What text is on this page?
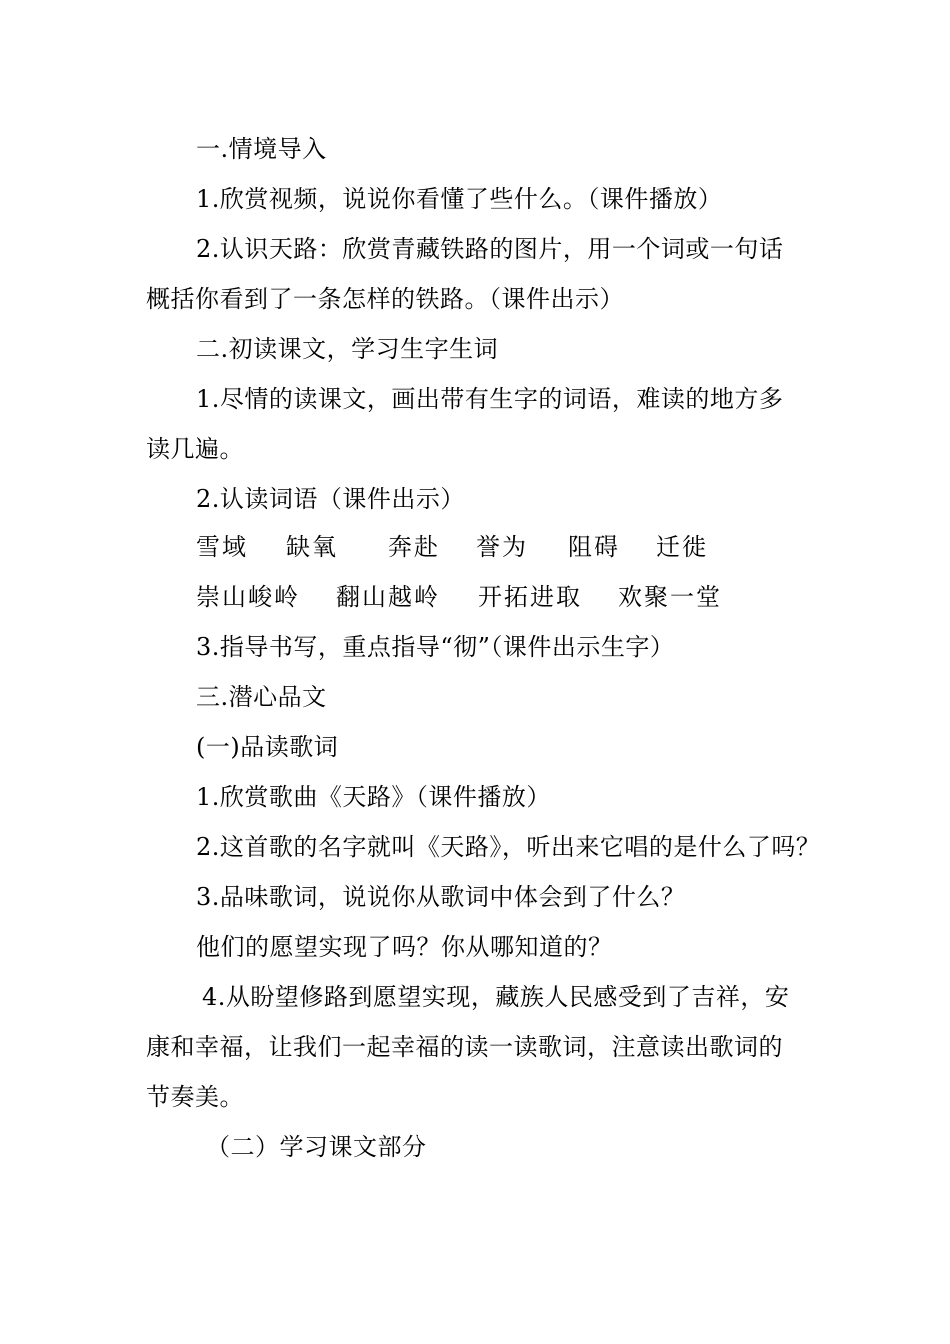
一.情境导入
1.欣赏视频，说说你看懂了些什么。（课件播放）
2.认识天路：欣赏青藏铁路的图片，用一个词或一句话
概括你看到了一条怎样的铁路。（课件出示）
二.初读课文，学习生字生词
1.尽情的读课文，画出带有生字的词语，难读的地方多
读几遍。
2.认读词语（课件出示）
雪域 缺氧 奔赴 誉为 阻碍 迁徙
崇山峻岭 翻山越岭 开拓进取 欢聚一堂
3.指导书写，重点指导“彻”（课件出示生字）
三.潜心品文
(一)品读歌词
1.欣赏歌曲《天路》（课件播放）
2.这首歌的名字就叫《天路》，听出来它唱的是什么了吗？
3.品味歌词，说说你从歌词中体会到了什么？
他们的愿望实现了吗？你从哪知道的？
4.从盼望修路到愿望实现，藏族人民感受到了吉祥，安
康和幸福，让我们一起幸福的读一读歌词，注意读出歌词的
节奏美。
（二）学习课文部分
